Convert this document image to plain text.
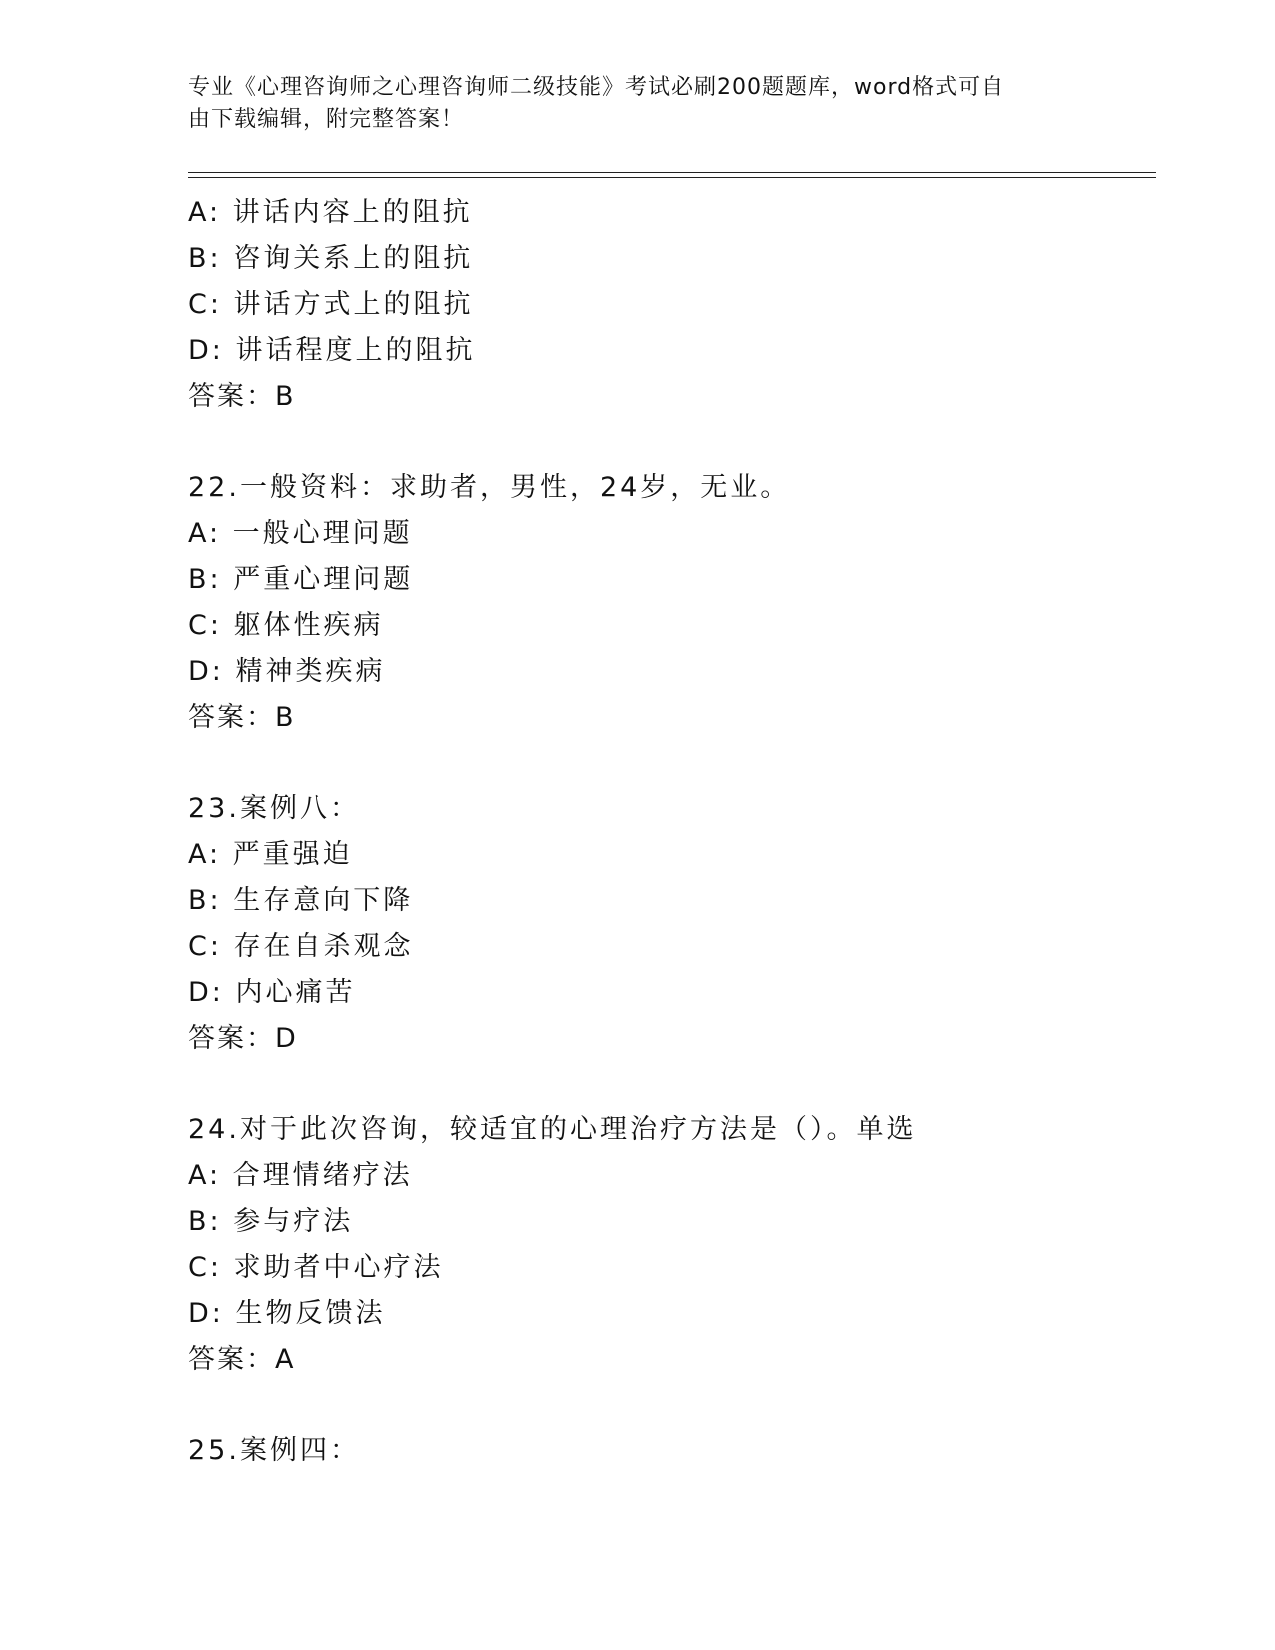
专业《心理咨询师之心理咨询师二级技能》考试必刷200题题库，word格式可自
由下载编辑，附完整答案！
A: 讲话内容上的阻抗
B: 咨询关系上的阻抗
C: 讲话方式上的阻抗
D: 讲话程度上的阻抗
答案：B
22.一般资料：求助者，男性，24岁，无业。
A: 一般心理问题
B: 严重心理问题
C: 躯体性疾病
D: 精神类疾病
答案：B
23.案例八：
A: 严重强迫
B: 生存意向下降
C: 存在自杀观念
D: 内心痛苦
答案：D
24.对于此次咨询，较适宜的心理治疗方法是（）。单选
A: 合理情绪疗法
B: 参与疗法
C: 求助者中心疗法
D: 生物反馈法
答案：A
25.案例四：
